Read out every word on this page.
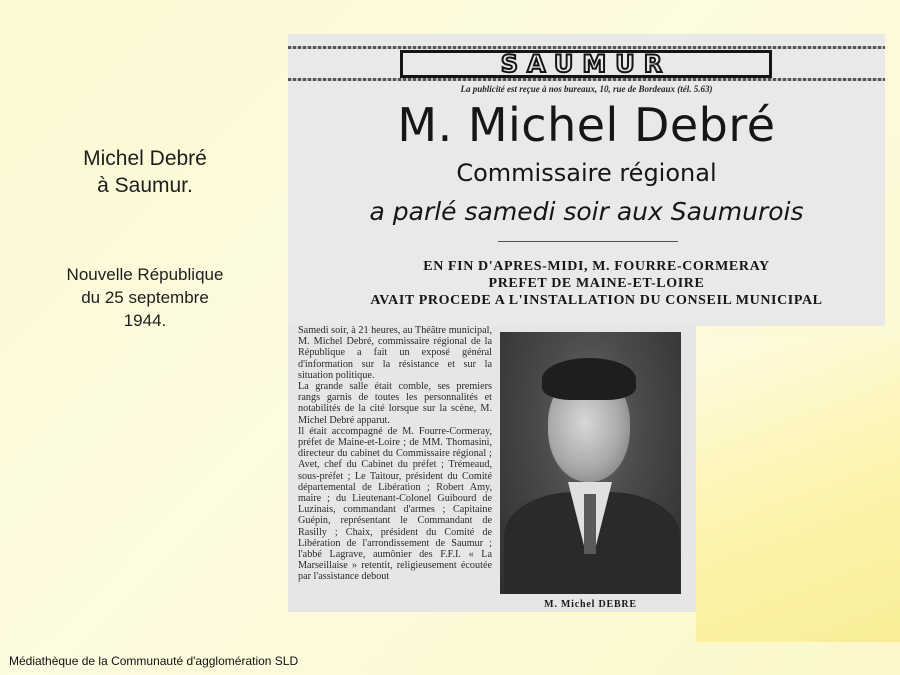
Michel Debré
à Saumur.
Nouvelle République
du 25 septembre
1944.
SAUMUR
La publicité est reçue à nos bureaux, 10, rue de Bordeaux (tél. 5.63)
M. Michel Debré
Commissaire régional
a parlé samedi soir aux Saumurois
EN FIN D'APRES-MIDI, M. FOURRE-CORMERAY
PREFET DE MAINE-ET-LOIRE
AVAIT PROCEDE A L'INSTALLATION DU CONSEIL MUNICIPAL
Samedi soir, à 21 heures, au Théâtre municipal, M. Michel Debré, commissaire régional de la République a fait un exposé général d'information sur la résistance et sur la situation politique.
La grande salle était comble, ses premiers rangs garnis de toutes les personnalités et notabilités de la cité lorsque sur la scène, M. Michel Debré apparut.
Il était accompagné de M. Fourre-Cormeray, préfet de Maine-et-Loire ; de MM. Thomasini, directeur du cabinet du Commissaire régional ; Avet, chef du Cabinet du préfet ; Trémeaud, sous-préfet ; Le Taitour, président du Comité départemental de Libération ; Robert Amy, maire ; du Lieutenant-Colonel Guibourd de Luzinais, commandant d'armes ; Capitaine Guépin, représentant le Commandant de Rasilly ; Chaix, président du Comité de Libération de l'arrondissement de Saumur ; l'abbé Lagrave, aumônier des F.F.I. « La Marseillaise » retentit, religieusement écoutée par l'assistance debout
M. Michel DEBRE
Médiathèque de la Communauté d'agglomération SLD
